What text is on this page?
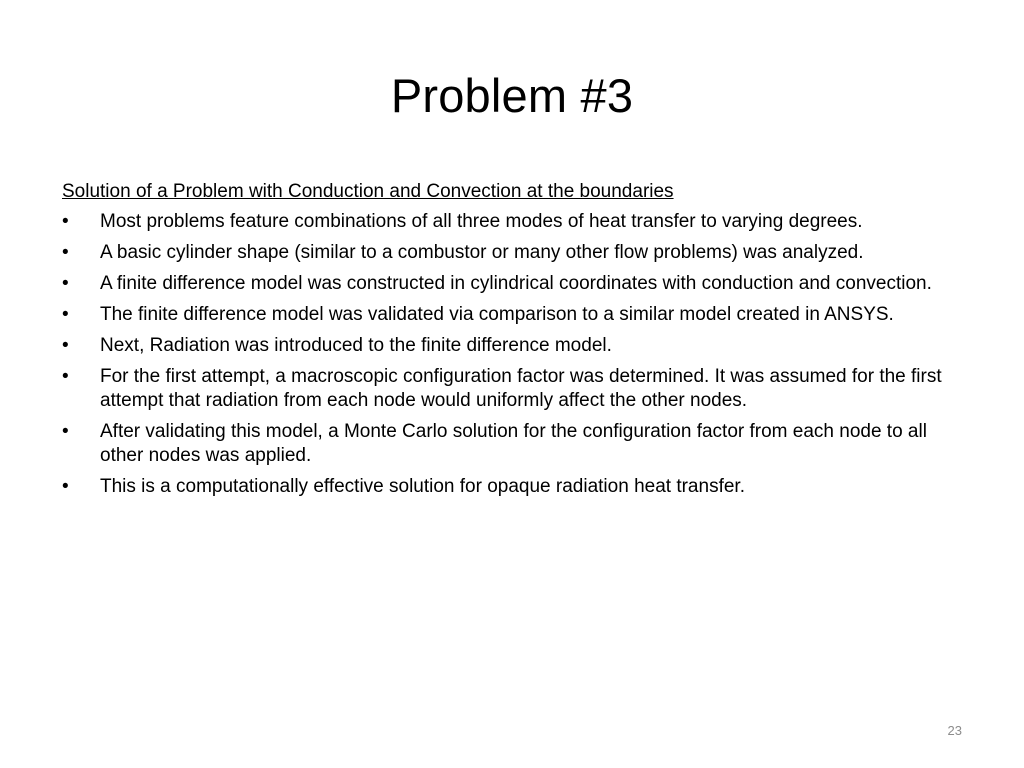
Problem #3
Solution of a Problem with Conduction and Convection at the boundaries
•	Most problems feature combinations of all three modes of heat transfer to varying degrees.
•	A basic cylinder shape (similar to a combustor or many other flow problems) was analyzed.
•	A finite difference model was constructed in cylindrical coordinates with conduction and convection.
•	The finite difference model was validated via comparison to a similar model created in ANSYS.
•	Next, Radiation was introduced to the finite difference model.
•	For the first attempt, a macroscopic configuration factor was determined. It was assumed for the first attempt that radiation from each node would uniformly affect the other nodes.
•	After validating this model, a Monte Carlo solution for the configuration factor from each node to all other nodes was applied.
•	This is a computationally effective solution for opaque radiation heat transfer.
23
